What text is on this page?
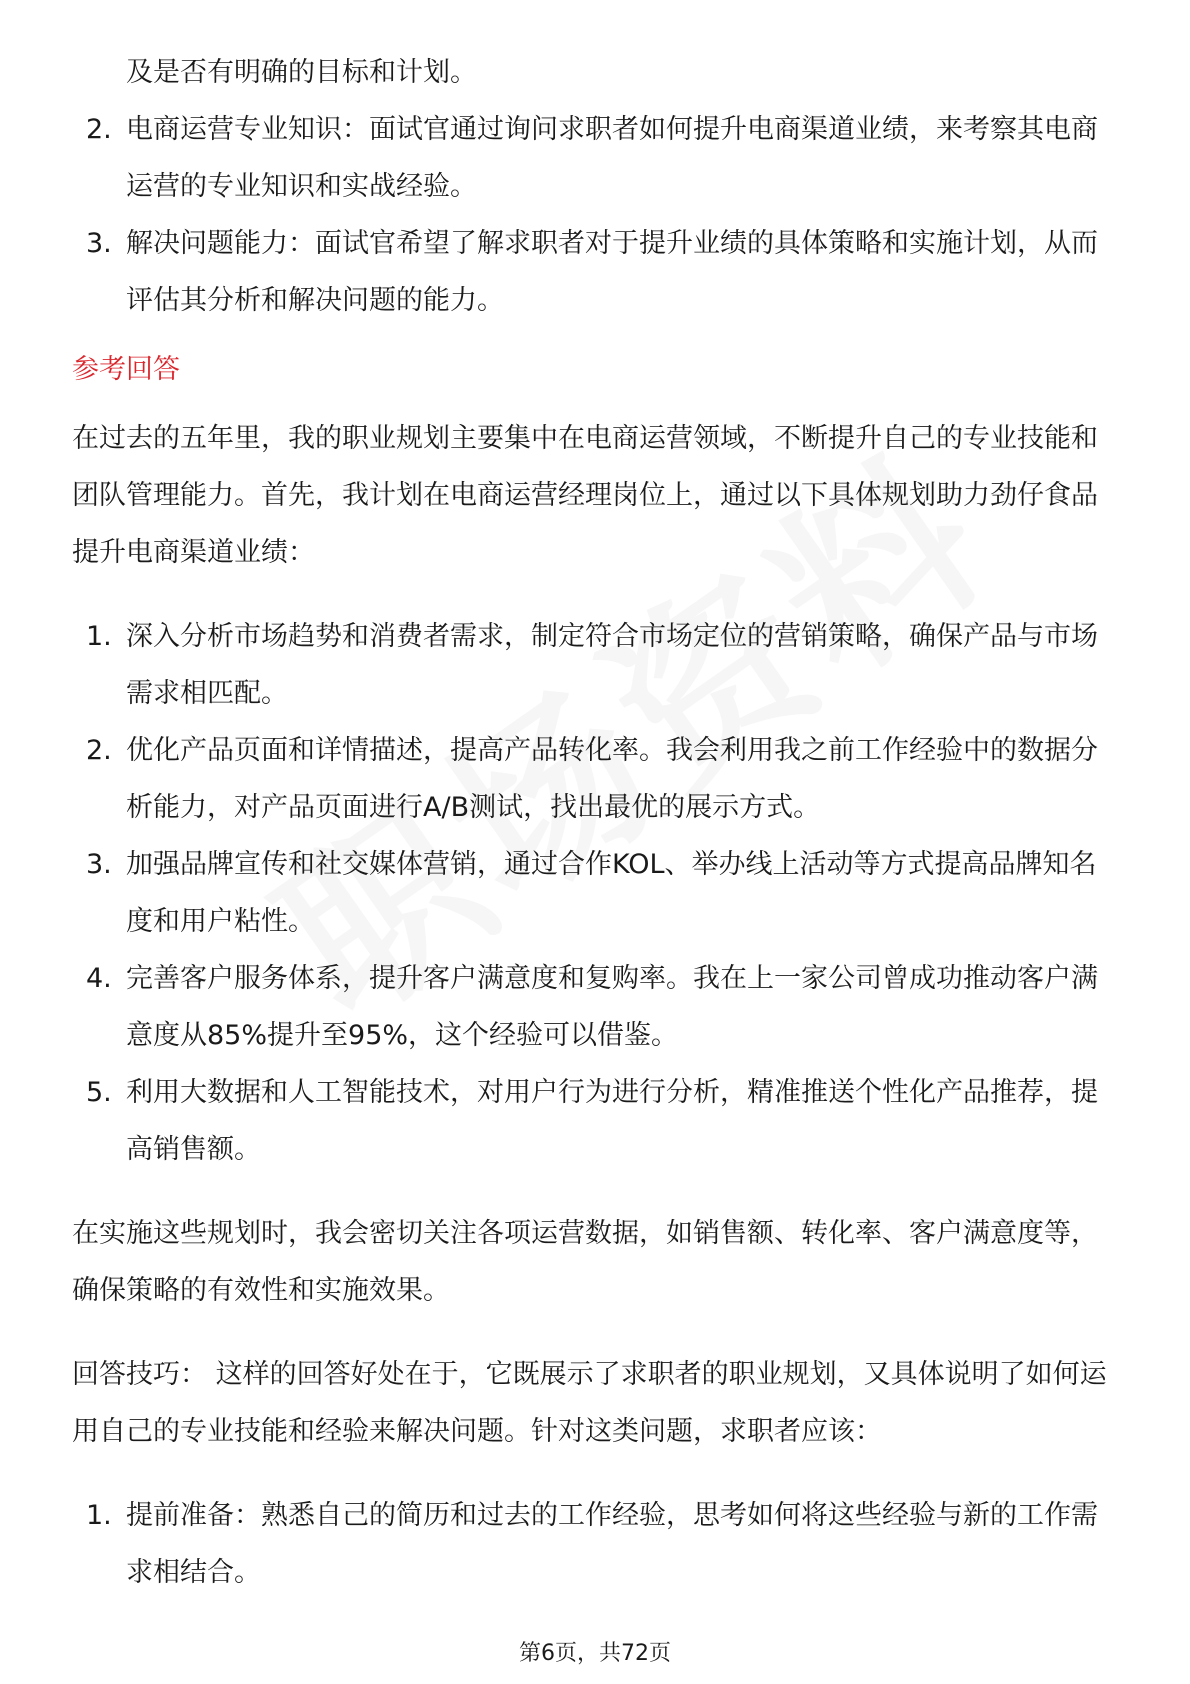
及是否有明确的目标和计划。

2. 电商运营专业知识：面试官通过询问求职者如何提升电商渠道业绩，来考察其电商运营的专业知识和实战经验。
3. 解决问题能力：面试官希望了解求职者对于提升业绩的具体策略和实施计划，从而评估其分析和解决问题的能力。

参考回答

在过去的五年里，我的职业规划主要集中在电商运营领域，不断提升自己的专业技能和团队管理能力。首先，我计划在电商运营经理岗位上，通过以下具体规划助力劲仔食品提升电商渠道业绩：

1. 深入分析市场趋势和消费者需求，制定符合市场定位的营销策略，确保产品与市场需求相匹配。
2. 优化产品页面和详情描述，提高产品转化率。我会利用我之前工作经验中的数据分析能力，对产品页面进行A/B测试，找出最优的展示方式。
3. 加强品牌宣传和社交媒体营销，通过合作KOL、举办线上活动等方式提高品牌知名度和用户粘性。
4. 完善客户服务体系，提升客户满意度和复购率。我在上一家公司曾成功推动客户满意度从85%提升至95%，这个经验可以借鉴。
5. 利用大数据和人工智能技术，对用户行为进行分析，精准推送个性化产品推荐，提高销售额。

在实施这些规划时，我会密切关注各项运营数据，如销售额、转化率、客户满意度等，确保策略的有效性和实施效果。

回答技巧： 这样的回答好处在于，它既展示了求职者的职业规划，又具体说明了如何运用自己的专业技能和经验来解决问题。针对这类问题，求职者应该：

1. 提前准备：熟悉自己的简历和过去的工作经验，思考如何将这些经验与新的工作需求相结合。
第6页，共72页
